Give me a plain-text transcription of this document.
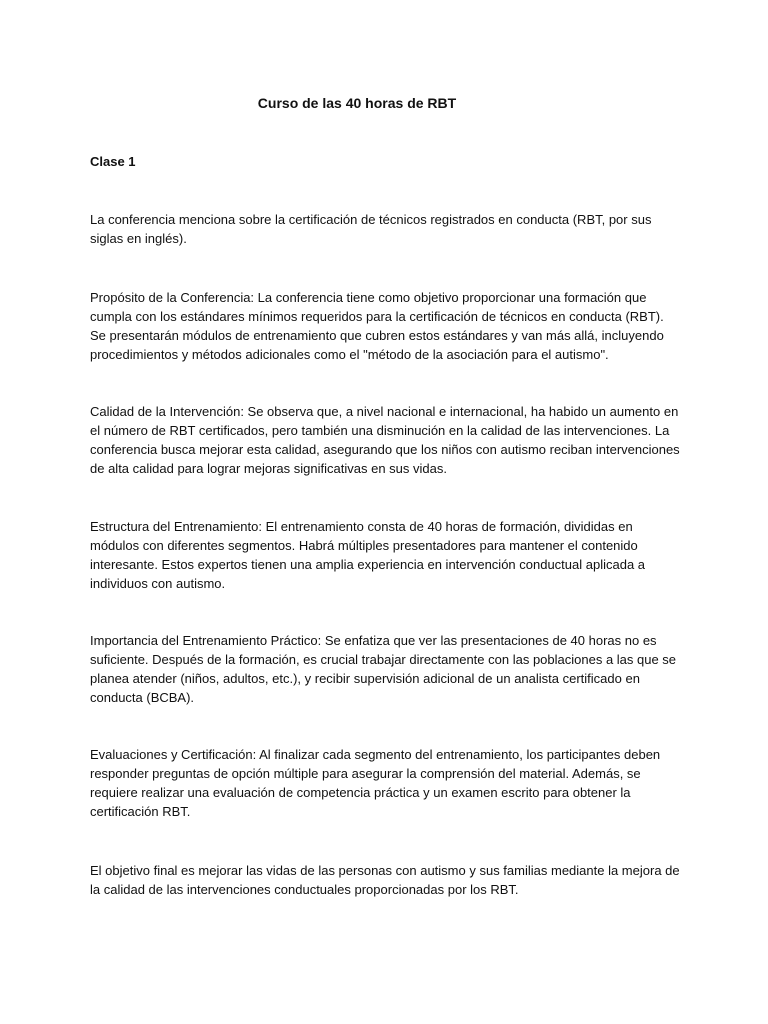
Curso de las 40 horas de RBT
Clase 1

La conferencia menciona sobre la certificación de técnicos registrados en conducta (RBT, por sus siglas en inglés).

Propósito de la Conferencia: La conferencia tiene como objetivo proporcionar una formación que cumpla con los estándares mínimos requeridos para la certificación de técnicos en conducta (RBT). Se presentarán módulos de entrenamiento que cubren estos estándares y van más allá, incluyendo procedimientos y métodos adicionales como el "método de la asociación para el autismo".

Calidad de la Intervención: Se observa que, a nivel nacional e internacional, ha habido un aumento en el número de RBT certificados, pero también una disminución en la calidad de las intervenciones. La conferencia busca mejorar esta calidad, asegurando que los niños con autismo reciban intervenciones de alta calidad para lograr mejoras significativas en sus vidas.

Estructura del Entrenamiento: El entrenamiento consta de 40 horas de formación, divididas en módulos con diferentes segmentos. Habrá múltiples presentadores para mantener el contenido interesante. Estos expertos tienen una amplia experiencia en intervención conductual aplicada a individuos con autismo.

Importancia del Entrenamiento Práctico: Se enfatiza que ver las presentaciones de 40 horas no es suficiente. Después de la formación, es crucial trabajar directamente con las poblaciones a las que se planea atender (niños, adultos, etc.), y recibir supervisión adicional de un analista certificado en conducta (BCBA).

Evaluaciones y Certificación: Al finalizar cada segmento del entrenamiento, los participantes deben responder preguntas de opción múltiple para asegurar la comprensión del material. Además, se requiere realizar una evaluación de competencia práctica y un examen escrito para obtener la certificación RBT.

El objetivo final es mejorar las vidas de las personas con autismo y sus familias mediante la mejora de la calidad de las intervenciones conductuales proporcionadas por los RBT.
